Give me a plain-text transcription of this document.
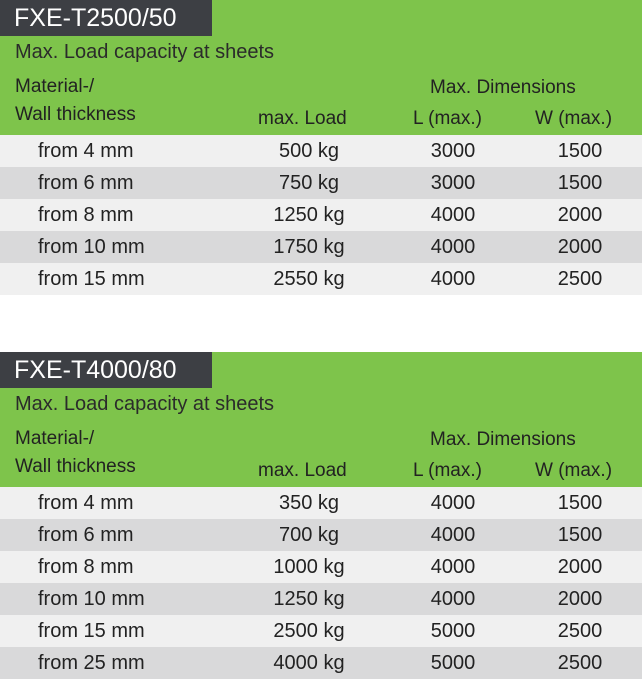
FXE-T2500/50
Max. Load capacity at sheets
Material-/
Wall thickness
Max. Dimensions
max. Load	L (max.)	W (max.)
from 4 mm	500 kg	3000	1500
from 6 mm	750 kg	3000	1500
from 8 mm	1250 kg	4000	2000
from 10 mm	1750 kg	4000	2000
from 15 mm	2550 kg	4000	2500
FXE-T4000/80
Max. Load capacity at sheets
Material-/
Wall thickness
Max. Dimensions
max. Load	L (max.)	W (max.)
from 4 mm	350 kg	4000	1500
from 6 mm	700 kg	4000	1500
from 8 mm	1000 kg	4000	2000
from 10 mm	1250 kg	4000	2000
from 15 mm	2500 kg	5000	2500
from 25 mm	4000 kg	5000	2500
